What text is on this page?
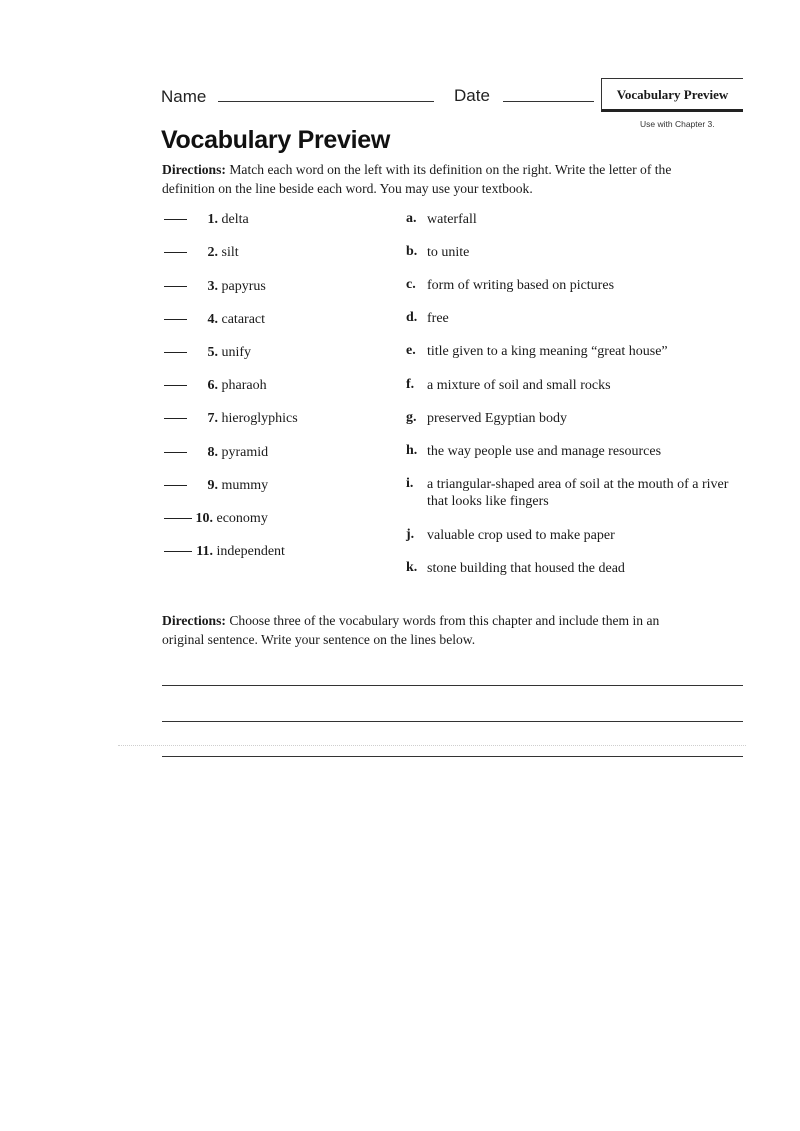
Name	Date	Vocabulary Preview
Use with Chapter 3.
Vocabulary Preview
Directions: Match each word on the left with its definition on the right. Write the letter of the definition on the line beside each word. You may use your textbook.
1. delta
2. silt
3. papyrus
4. cataract
5. unify
6. pharaoh
7. hieroglyphics
8. pyramid
9. mummy
10. economy
11. independent
a. waterfall
b. to unite
c. form of writing based on pictures
d. free
e. title given to a king meaning “great house”
f. a mixture of soil and small rocks
g. preserved Egyptian body
h. the way people use and manage resources
i. a triangular-shaped area of soil at the mouth of a river that looks like fingers
j. valuable crop used to make paper
k. stone building that housed the dead
Directions: Choose three of the vocabulary words from this chapter and include them in an original sentence. Write your sentence on the lines below.
